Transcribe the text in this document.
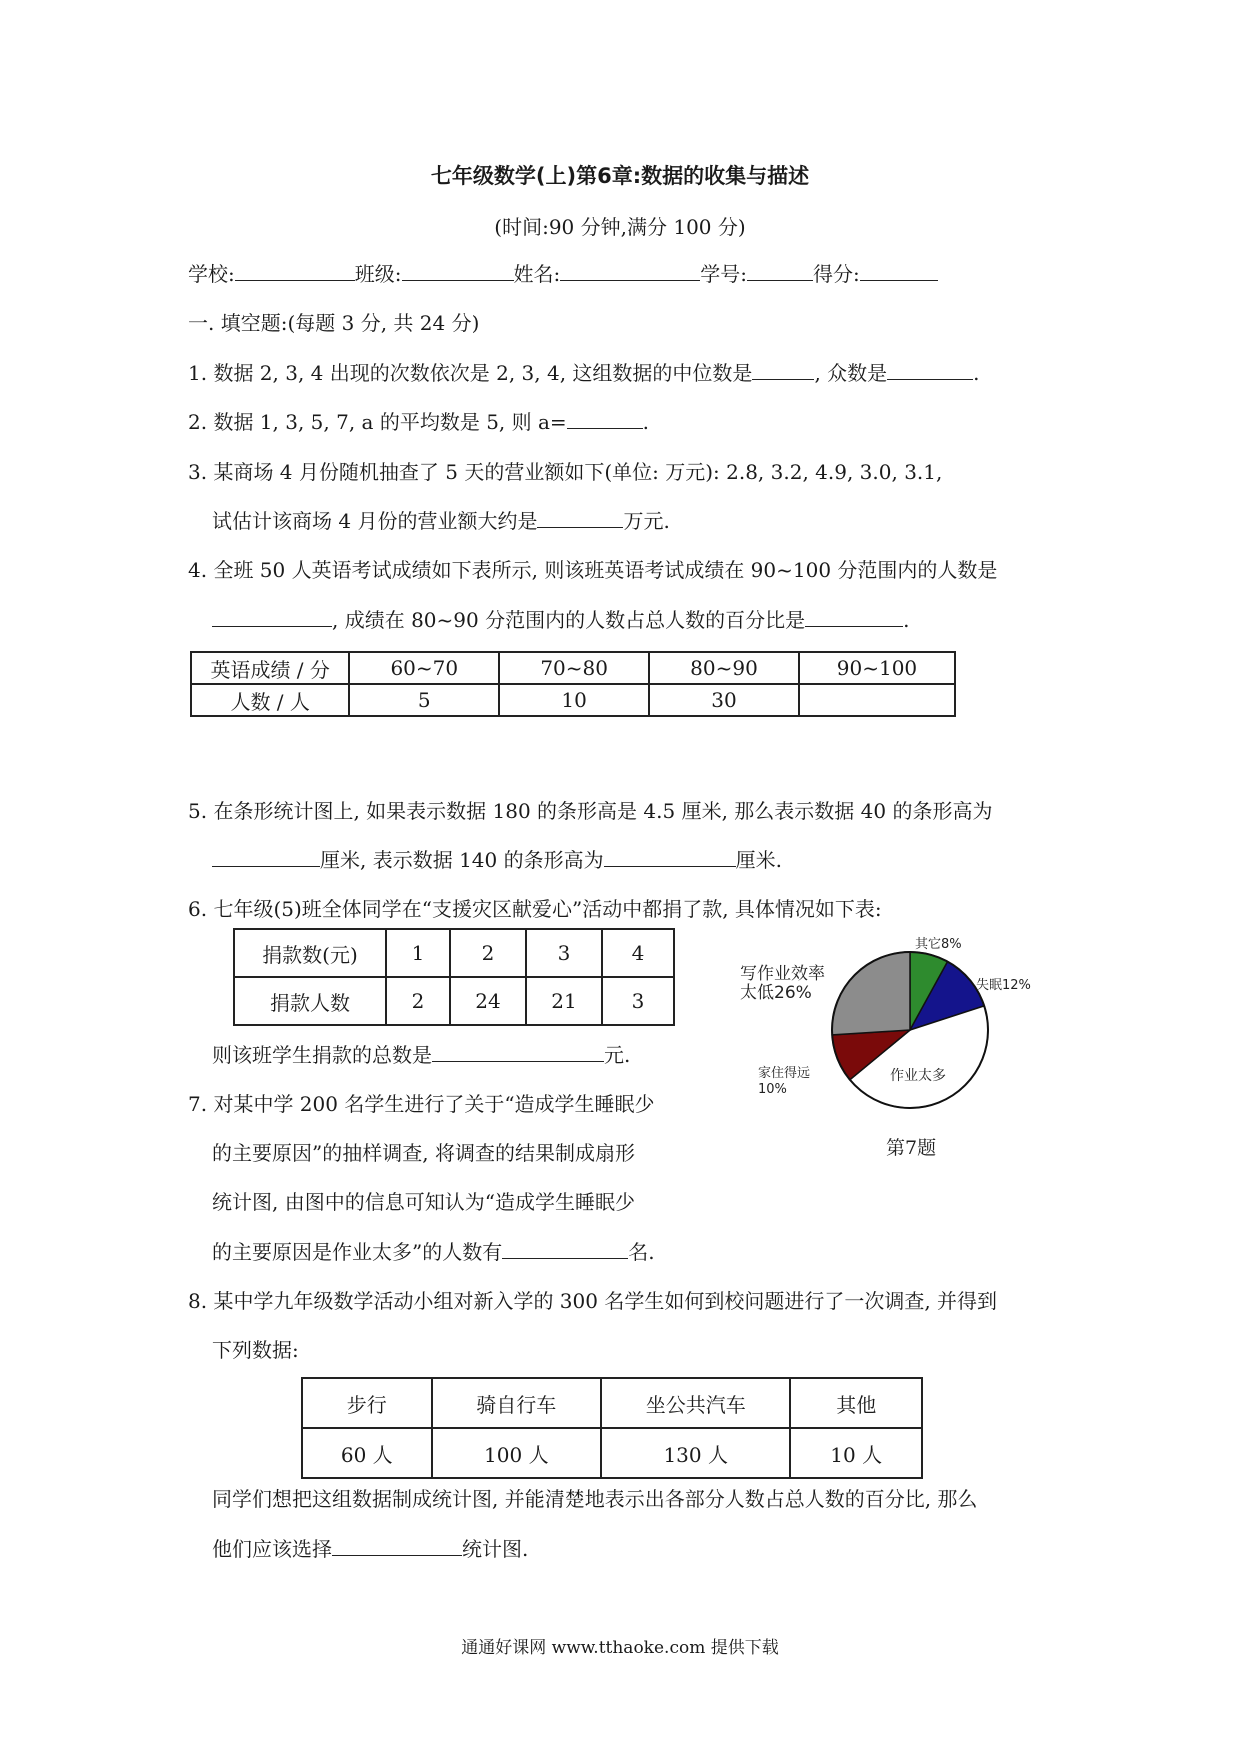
七年级数学(上)第6章:数据的收集与描述
(时间:90 分钟,满分 100 分)
学校:	班级:	姓名:	学号:	得分:
一. 填空题:(每题 3 分, 共 24 分)
1. 数据 2, 3, 4 出现的次数依次是 2, 3, 4, 这组数据的中位数是	, 众数是	.
2. 数据 1, 3, 5, 7, a 的平均数是 5, 则 a=	.
3. 某商场 4 月份随机抽查了 5 天的营业额如下(单位: 万元): 2.8, 3.2, 4.9, 3.0, 3.1,
试估计该商场 4 月份的营业额大约是	万元.
4. 全班 50 人英语考试成绩如下表所示, 则该班英语考试成绩在 90~100 分范围内的人数是
, 成绩在 80~90 分范围内的人数占总人数的百分比是	.
英语成绩 / 分	60~70	70~80	80~90	90~100
人数 / 人	5	10	30	
5. 在条形统计图上, 如果表示数据 180 的条形高是 4.5 厘米, 那么表示数据 40 的条形高为
厘米, 表示数据 140 的条形高为	厘米.
6. 七年级(5)班全体同学在“支援灾区献爱心”活动中都捐了款, 具体情况如下表:
捐款数(元)	1	2	3	4
捐款人数	2	24	21	3
则该班学生捐款的总数是	元.
7. 对某中学 200 名学生进行了关于“造成学生睡眠少
的主要原因”的抽样调查, 将调查的结果制成扇形
统计图, 由图中的信息可知认为“造成学生睡眠少
的主要原因是作业太多”的人数有	名.
其它8%
失眠12%
写作业效率
太低26%
家住得远
10%
作业太多
第7题
8. 某中学九年级数学活动小组对新入学的 300 名学生如何到校问题进行了一次调查, 并得到
下列数据:
步行	骑自行车	坐公共汽车	其他
60 人	100 人	130 人	10 人
同学们想把这组数据制成统计图, 并能清楚地表示出各部分人数占总人数的百分比, 那么
他们应该选择	统计图.
通通好课网 www.tthaoke.com 提供下载
